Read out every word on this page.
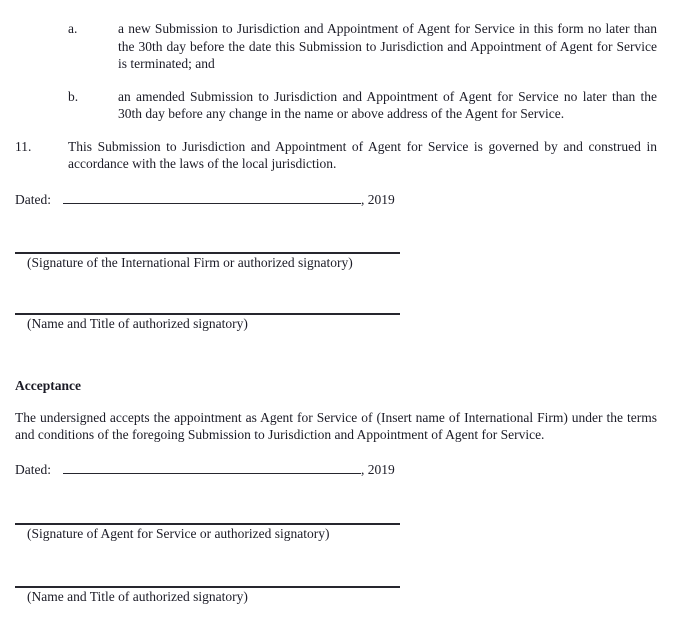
a.	a new Submission to Jurisdiction and Appointment of Agent for Service in this form no later than the 30th day before the date this Submission to Jurisdiction and Appointment of Agent for Service is terminated; and
b.	an amended Submission to Jurisdiction and Appointment of Agent for Service no later than the 30th day before any change in the name or above address of the Agent for Service.
11.	This Submission to Jurisdiction and Appointment of Agent for Service is governed by and construed in accordance with the laws of the local jurisdiction.
Dated:	, 2019
(Signature of the International Firm or authorized signatory)
(Name and Title of authorized signatory)
Acceptance

The undersigned accepts the appointment as Agent for Service of (Insert name of International Firm) under the terms and conditions of the foregoing Submission to Jurisdiction and Appointment of Agent for Service.

Dated:	, 2019
(Signature of Agent for Service or authorized signatory)
(Name and Title of authorized signatory)
